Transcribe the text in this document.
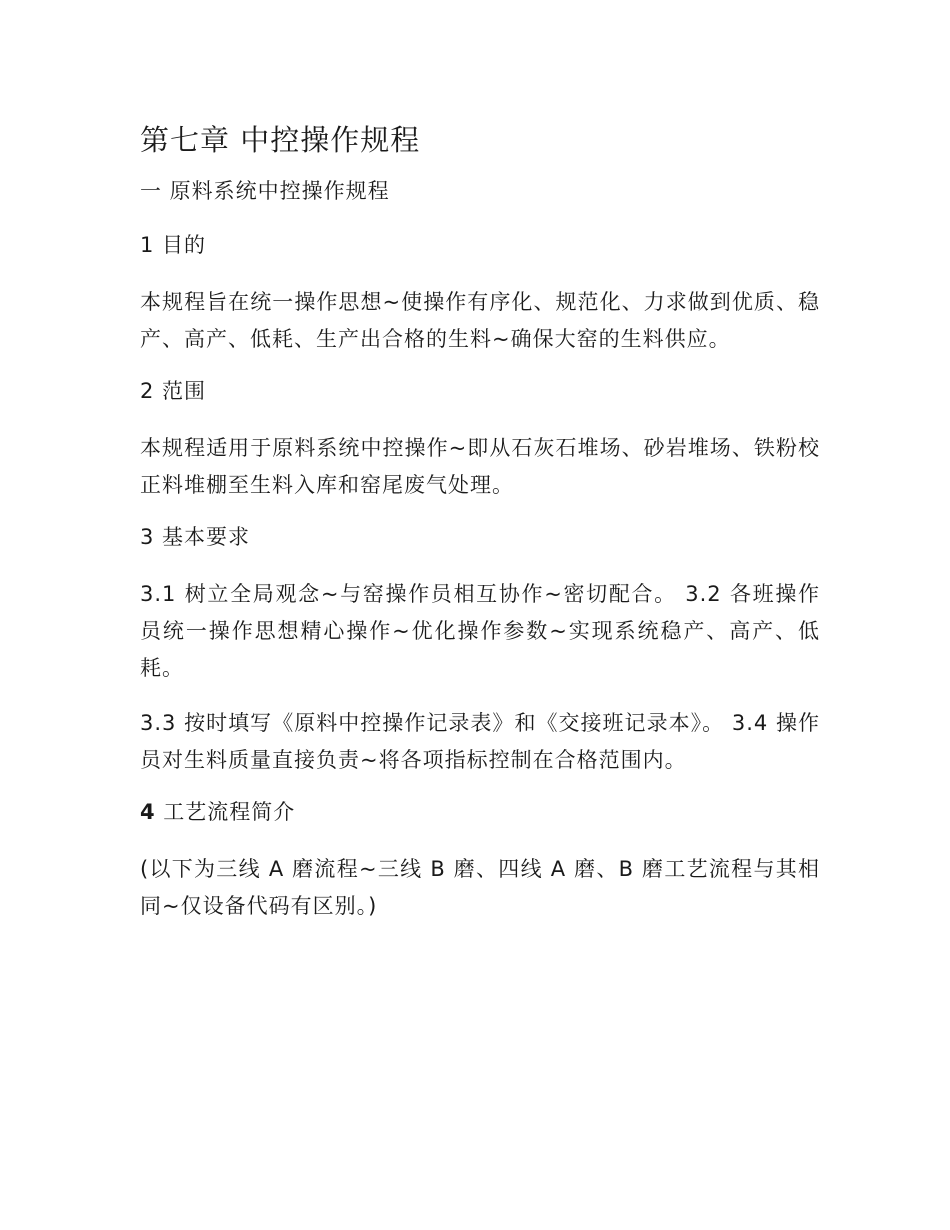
第七章 中控操作规程
一 原料系统中控操作规程
1 目的

本规程旨在统一操作思想~使操作有序化、规范化、力求做到优质、稳产、高产、低耗、生产出合格的生料~确保大窑的生料供应。

2 范围

本规程适用于原料系统中控操作~即从石灰石堆场、砂岩堆场、铁粉校正料堆棚至生料入库和窑尾废气处理。

3 基本要求

3.1 树立全局观念~与窑操作员相互协作~密切配合。 3.2 各班操作员统一操作思想精心操作~优化操作参数~实现系统稳产、高产、低耗。

3.3 按时填写《原料中控操作记录表》和《交接班记录本》。 3.4 操作员对生料质量直接负责~将各项指标控制在合格范围内。

4 工艺流程简介

(以下为三线 A 磨流程~三线 B 磨、四线 A 磨、B 磨工艺流程与其相同~仅设备代码有区别。)
